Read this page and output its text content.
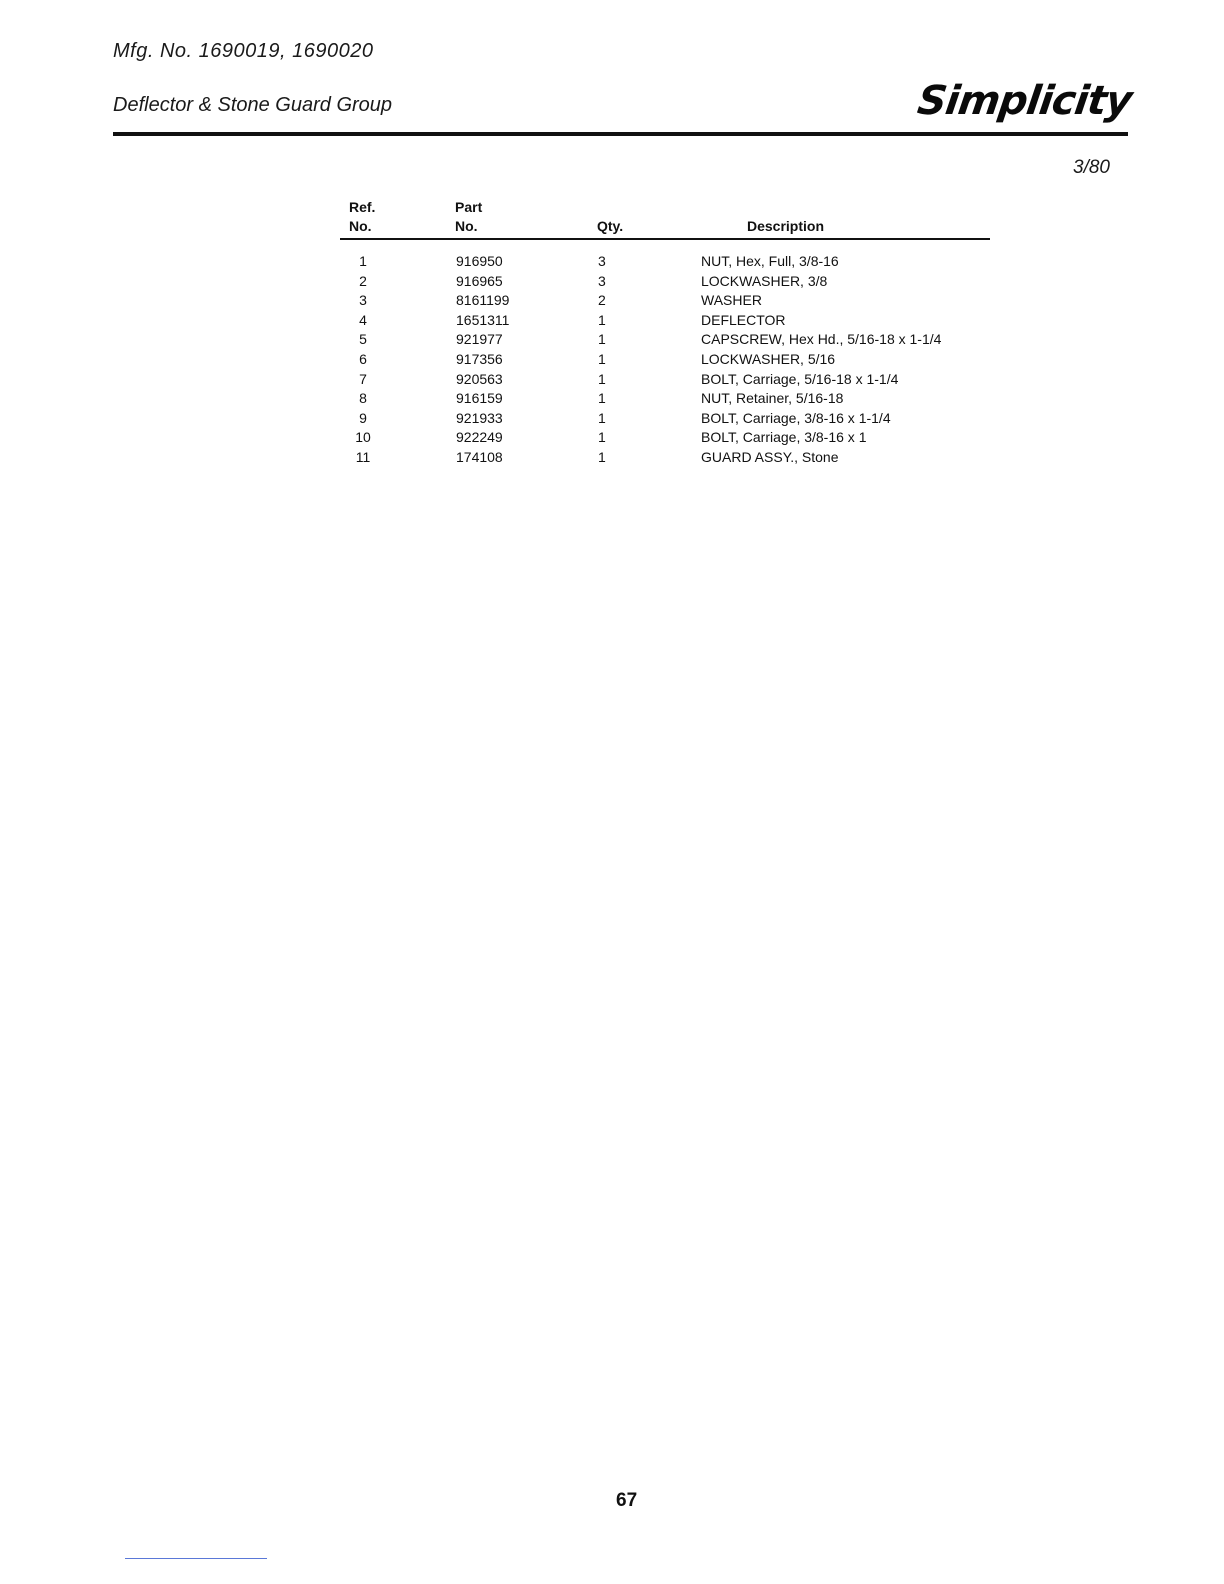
Mfg. No. 1690019, 1690020
Deflector & Stone Guard Group	Simplicity
3/80
Ref.
No.
Part
No.	Qty.	Description
1	916950	3	NUT, Hex, Full, 3/8-16
2	916965	3	LOCKWASHER, 3/8
3	8161199	2	WASHER
4	1651311	1	DEFLECTOR
5	921977	1	CAPSCREW, Hex Hd., 5/16-18 x 1-1/4
6	917356	1	LOCKWASHER, 5/16
7	920563	1	BOLT, Carriage, 5/16-18 x 1-1/4
8	916159	1	NUT, Retainer, 5/16-18
9	921933	1	BOLT, Carriage, 3/8-16 x 1-1/4
10	922249	1	BOLT, Carriage, 3/8-16 x 1
11	174108	1	GUARD ASSY., Stone
67
